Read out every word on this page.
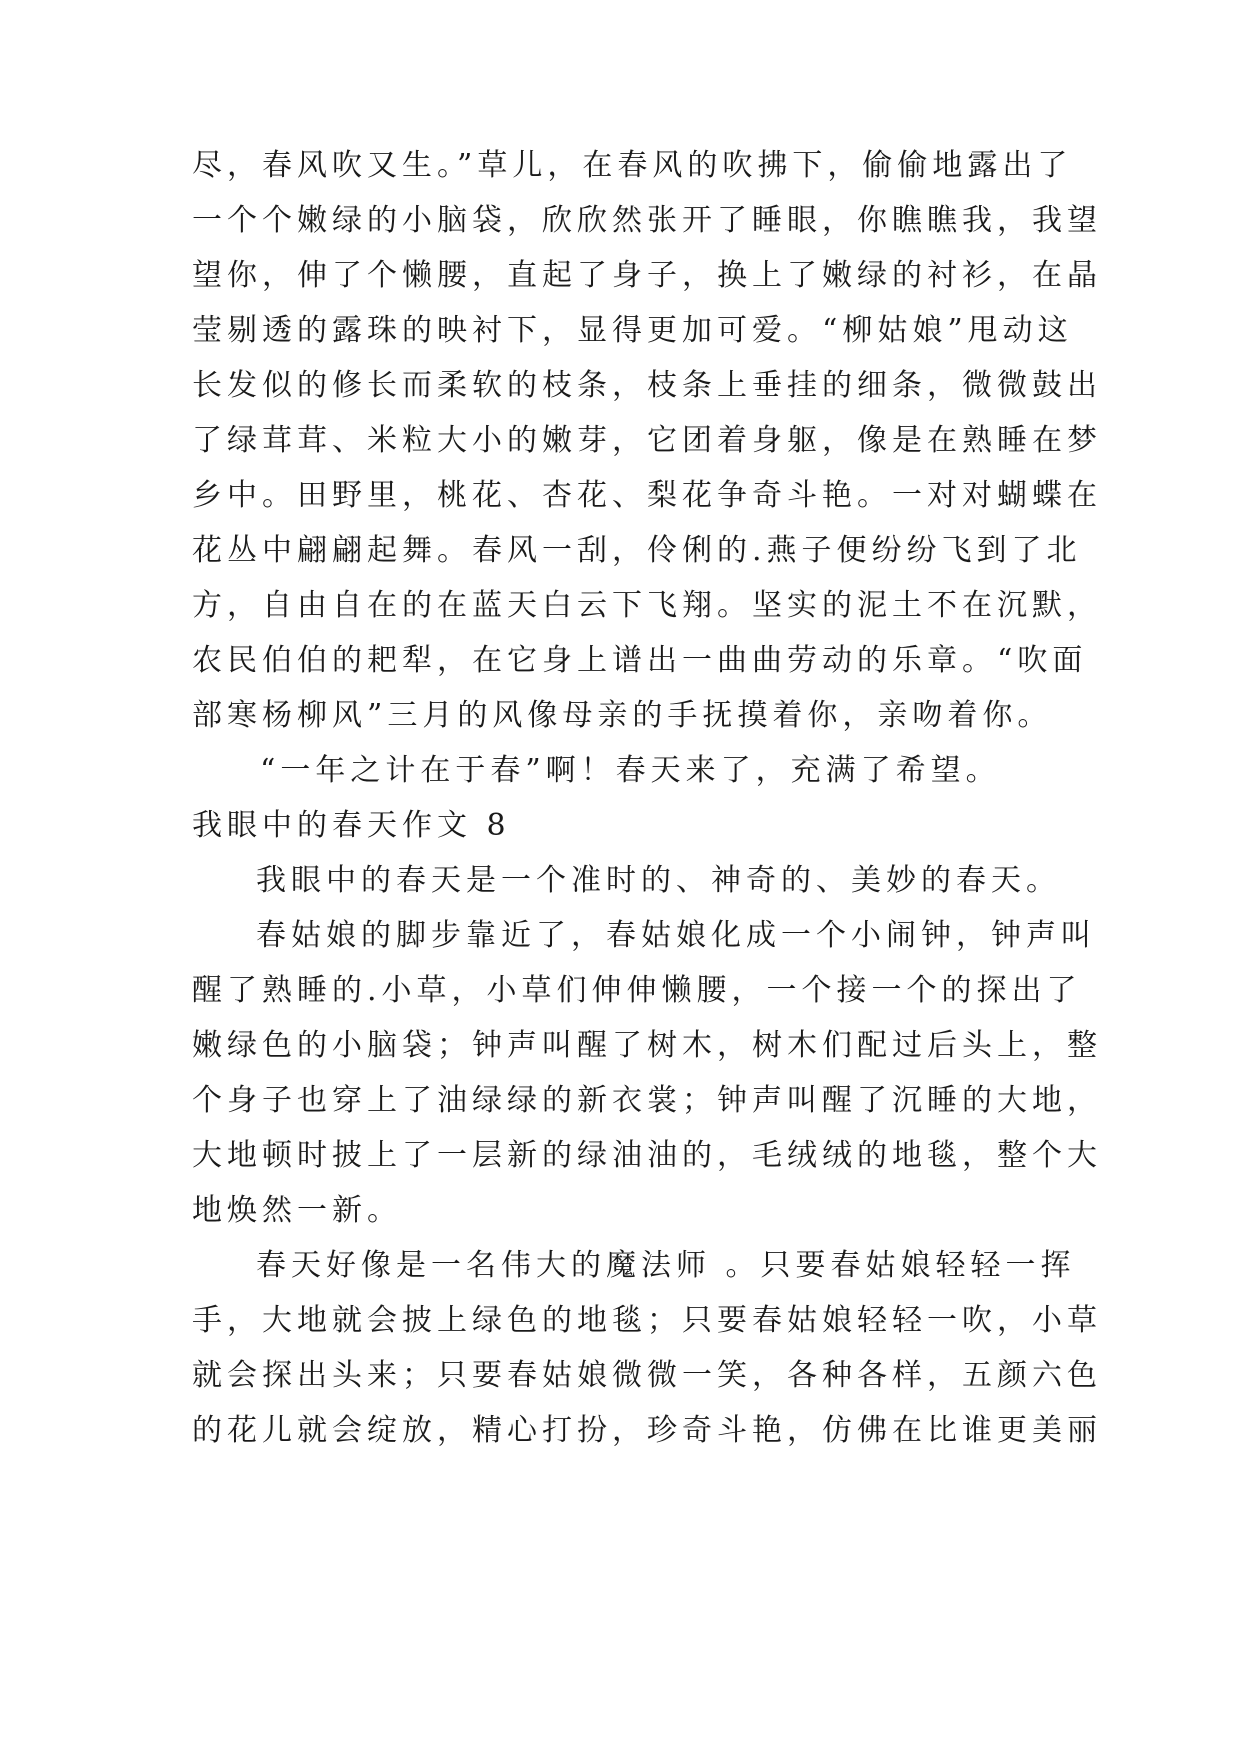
尽，春风吹又生。”草儿，在春风的吹拂下，偷偷地露出了
一个个嫩绿的小脑袋，欣欣然张开了睡眼，你瞧瞧我，我望
望你，伸了个懒腰，直起了身子，换上了嫩绿的衬衫，在晶
莹剔透的露珠的映衬下，显得更加可爱。“柳姑娘”甩动这
长发似的修长而柔软的枝条，枝条上垂挂的细条，微微鼓出
了绿茸茸、米粒大小的嫩芽，它团着身躯，像是在熟睡在梦
乡中。田野里，桃花、杏花、梨花争奇斗艳。一对对蝴蝶在
花丛中翩翩起舞。春风一刮，伶俐的.燕子便纷纷飞到了北
方，自由自在的在蓝天白云下飞翔。坚实的泥土不在沉默，
农民伯伯的耙犁，在它身上谱出一曲曲劳动的乐章。“吹面
部寒杨柳风”三月的风像母亲的手抚摸着你，亲吻着你。
“一年之计在于春”啊！春天来了，充满了希望。
我眼中的春天作文 8
我眼中的春天是一个准时的、神奇的、美妙的春天。
春姑娘的脚步靠近了，春姑娘化成一个小闹钟，钟声叫
醒了熟睡的.小草，小草们伸伸懒腰，一个接一个的探出了
嫩绿色的小脑袋；钟声叫醒了树木，树木们配过后头上，整
个身子也穿上了油绿绿的新衣裳；钟声叫醒了沉睡的大地，
大地顿时披上了一层新的绿油油的，毛绒绒的地毯，整个大
地焕然一新。
春天好像是一名伟大的魔法师 。只要春姑娘轻轻一挥
手，大地就会披上绿色的地毯；只要春姑娘轻轻一吹，小草
就会探出头来；只要春姑娘微微一笑，各种各样，五颜六色
的花儿就会绽放，精心打扮，珍奇斗艳，仿佛在比谁更美丽
